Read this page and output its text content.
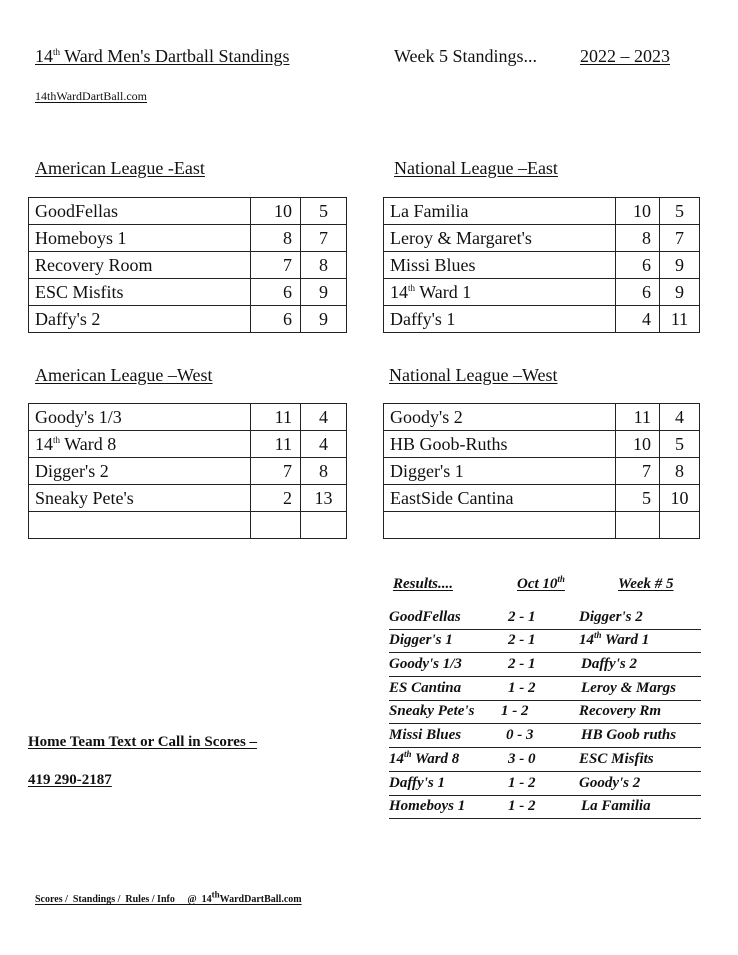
14th Ward Men's Dartball Standings	Week 5 Standings... 2022 – 2023
14thWardDartBall.com
American League -East	National League –East
American League –West	National League –West
GoodFellas	10	5
Homeboys 1	8	7
Recovery Room	7	8
ESC Misfits	6	9
Daffy's 2	6	9
La Familia	10	5
Leroy & Margaret's	8	7
Missi Blues	6	9
14th Ward 1	6	9
Daffy's 1	4	11
Goody's 1/3	11	4
14th Ward 8	11	4
Digger's 2	7	8
Sneaky Pete's	2	13

Goody's 2	11	4
HB Goob-Ruths	10	5
Digger's 1	7	8
EastSide Cantina	5	10

Results....	Oct 10th	Week # 5
GoodFellas	2 - 1	Digger's 2
Digger's 1	2 - 1	14th Ward 1
Goody's 1/3	2 - 1	Daffy's 2
ES Cantina	1 - 2	Leroy & Margs
Sneaky Pete's 1 - 2	Recovery Rm
Missi Blues	0 - 3	HB Goob ruths
14th Ward 8	3 - 0	ESC Misfits
Daffy's 1	1 - 2	Goody's 2
Homeboys 1	1 - 2	La Familia
Home Team Text or Call in Scores –
419 290-2187
Scores /  Standings /  Rules / Info     @  14thWardDartBall.com
